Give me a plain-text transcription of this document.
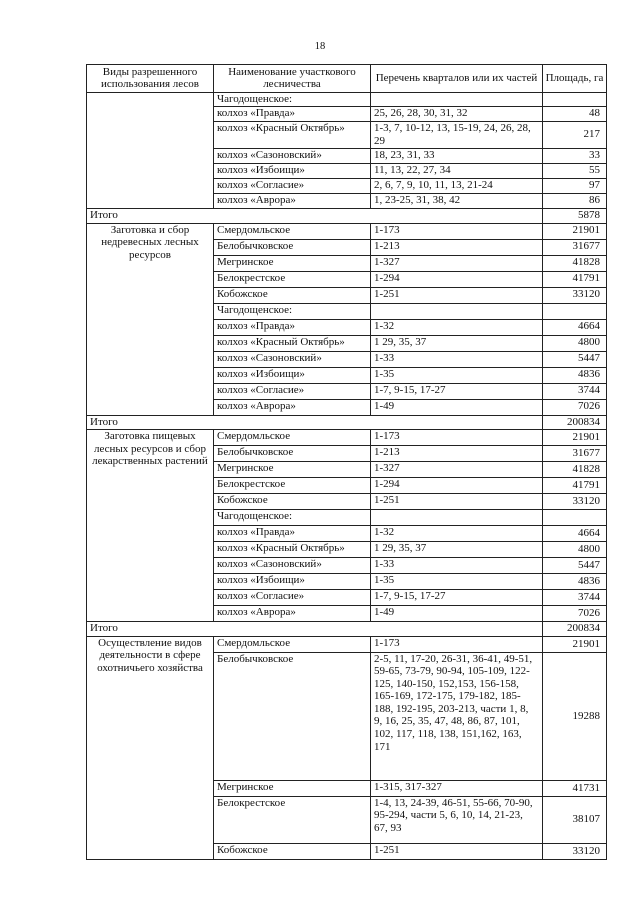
18
Виды разрешенного использования лесов	Наименование участкового лесничества	Перечень кварталов или их частей	Площадь, га
	Чагодощенское:		
	колхоз «Правда»	25, 26, 28, 30, 31, 32	48
	колхоз «Красный Октябрь»	1-3, 7, 10-12, 13, 15-19, 24, 26, 28, 29	217
	колхоз «Сазоновский»	18, 23, 31, 33	33
	колхоз «Избоищи»	11, 13, 22, 27, 34	55
	колхоз «Согласие»	2, 6, 7, 9, 10, 11, 13, 21-24	97
	колхоз «Аврора»	1, 23-25, 31, 38, 42	86
Итого			5878
Заготовка и сбор недревесных лесных ресурсов	Смердомльское	1-173	21901
	Белобычковское	1-213	31677
	Мегринское	1-327	41828
	Белокрестское	1-294	41791
	Кобожское	1-251	33120
	Чагодощенское:		
	колхоз «Правда»	1-32	4664
	колхоз «Красный Октябрь»	1 29, 35, 37	4800
	колхоз «Сазоновский»	1-33	5447
	колхоз «Избоищи»	1-35	4836
	колхоз «Согласие»	1-7, 9-15, 17-27	3744
	колхоз «Аврора»	1-49	7026
Итого			200834
Заготовка пищевых лесных ресурсов и сбор лекарственных растений	Смердомльское	1-173	21901
	Белобычковское	1-213	31677
	Мегринское	1-327	41828
	Белокрестское	1-294	41791
	Кобожское	1-251	33120
	Чагодощенское:		
	колхоз «Правда»	1-32	4664
	колхоз «Красный Октябрь»	1 29, 35, 37	4800
	колхоз «Сазоновский»	1-33	5447
	колхоз «Избоищи»	1-35	4836
	колхоз «Согласие»	1-7, 9-15, 17-27	3744
	колхоз «Аврора»	1-49	7026
Итого			200834
Осуществление видов деятельности в сфере охотничьего хозяйства	Смердомльское	1-173	21901
	Белобычковское	2-5, 11, 17-20, 26-31, 36-41, 49-51, 59-65, 73-79, 90-94, 105-109, 122-125, 140-150, 152,153, 156-158, 165-169, 172-175, 179-182, 185-188, 192-195, 203-213, части 1, 8, 9, 16, 25, 35, 47, 48, 86, 87, 101, 102, 117, 118, 138, 151,162, 163, 171	19288
	Мегринское	1-315, 317-327	41731
	Белокрестское	1-4, 13, 24-39, 46-51, 55-66, 70-90, 95-294, части 5, 6, 10, 14, 21-23, 67, 93	38107
	Кобожское	1-251	33120
